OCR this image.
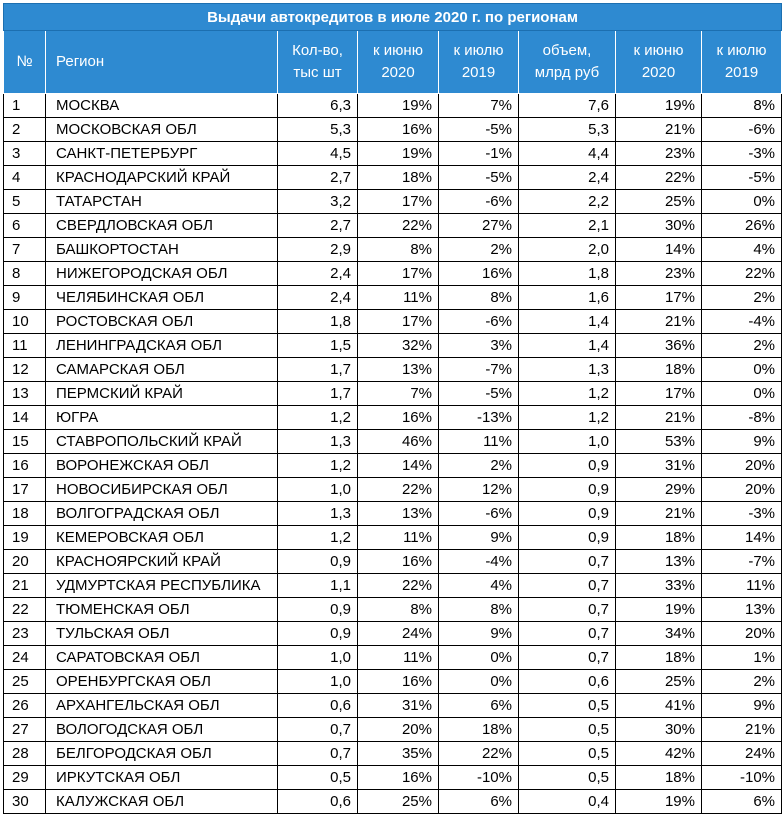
Выдачи автокредитов в июле 2020 г. по регионам							
№	Регион	Кол-во, тыс шт	к июню 2020	к июлю 2019	объем, млрд руб	к июню 2020	к июлю 2019
1	МОСКВА	6,3	19%	7%	7,6	19%	8%
2	МОСКОВСКАЯ ОБЛ	5,3	16%	-5%	5,3	21%	-6%
3	САНКТ-ПЕТЕРБУРГ	4,5	19%	-1%	4,4	23%	-3%
4	КРАСНОДАРСКИЙ КРАЙ	2,7	18%	-5%	2,4	22%	-5%
5	ТАТАРСТАН	3,2	17%	-6%	2,2	25%	0%
6	СВЕРДЛОВСКАЯ ОБЛ	2,7	22%	27%	2,1	30%	26%
7	БАШКОРТОСТАН	2,9	8%	2%	2,0	14%	4%
8	НИЖЕГОРОДСКАЯ ОБЛ	2,4	17%	16%	1,8	23%	22%
9	ЧЕЛЯБИНСКАЯ ОБЛ	2,4	11%	8%	1,6	17%	2%
10	РОСТОВСКАЯ ОБЛ	1,8	17%	-6%	1,4	21%	-4%
11	ЛЕНИНГРАДСКАЯ ОБЛ	1,5	32%	3%	1,4	36%	2%
12	САМАРСКАЯ ОБЛ	1,7	13%	-7%	1,3	18%	0%
13	ПЕРМСКИЙ КРАЙ	1,7	7%	-5%	1,2	17%	0%
14	ЮГРА	1,2	16%	-13%	1,2	21%	-8%
15	СТАВРОПОЛЬСКИЙ КРАЙ	1,3	46%	11%	1,0	53%	9%
16	ВОРОНЕЖСКАЯ ОБЛ	1,2	14%	2%	0,9	31%	20%
17	НОВОСИБИРСКАЯ ОБЛ	1,0	22%	12%	0,9	29%	20%
18	ВОЛГОГРАДСКАЯ ОБЛ	1,3	13%	-6%	0,9	21%	-3%
19	КЕМЕРОВСКАЯ ОБЛ	1,2	11%	9%	0,9	18%	14%
20	КРАСНОЯРСКИЙ КРАЙ	0,9	16%	-4%	0,7	13%	-7%
21	УДМУРТСКАЯ РЕСПУБЛИКА	1,1	22%	4%	0,7	33%	11%
22	ТЮМЕНСКАЯ ОБЛ	0,9	8%	8%	0,7	19%	13%
23	ТУЛЬСКАЯ ОБЛ	0,9	24%	9%	0,7	34%	20%
24	САРАТОВСКАЯ ОБЛ	1,0	11%	0%	0,7	18%	1%
25	ОРЕНБУРГСКАЯ ОБЛ	1,0	16%	0%	0,6	25%	2%
26	АРХАНГЕЛЬСКАЯ ОБЛ	0,6	31%	6%	0,5	41%	9%
27	ВОЛОГОДСКАЯ ОБЛ	0,7	20%	18%	0,5	30%	21%
28	БЕЛГОРОДСКАЯ ОБЛ	0,7	35%	22%	0,5	42%	24%
29	ИРКУТСКАЯ ОБЛ	0,5	16%	-10%	0,5	18%	-10%
30	КАЛУЖСКАЯ ОБЛ	0,6	25%	6%	0,4	19%	6%
